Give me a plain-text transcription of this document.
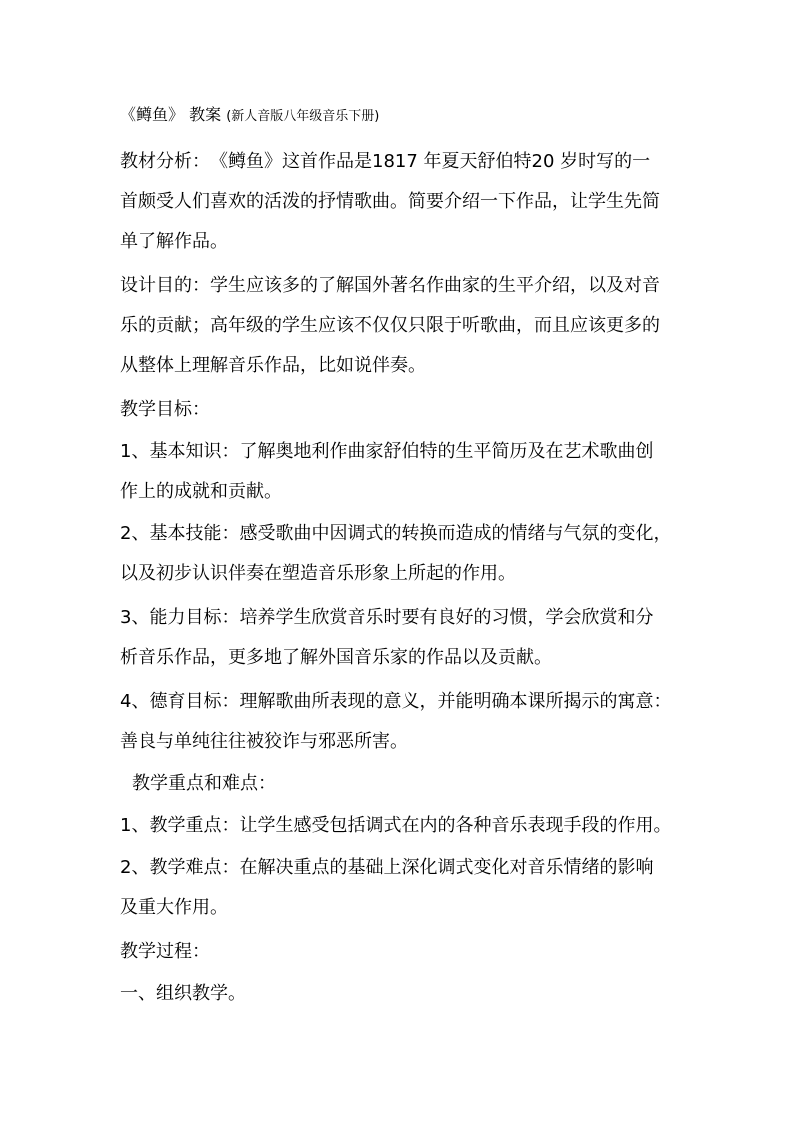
《鳟鱼》 教案 (新人音版八年级音乐下册)
教材分析：　《鳟鱼》这首作品是1817 年夏天舒伯特20 岁时写的一
首颇受人们喜欢的活泼的抒情歌曲。简要介绍一下作品，让学生先简
单了解作品。
设计目的：学生应该多的了解国外著名作曲家的生平介绍，以及对音
乐的贡献；高年级的学生应该不仅仅只限于听歌曲，而且应该更多的
从整体上理解音乐作品，比如说伴奏。
教学目标：
1、基本知识：了解奥地利作曲家舒伯特的生平简历及在艺术歌曲创
作上的成就和贡献。
2、基本技能：感受歌曲中因调式的转换而造成的情绪与气氛的变化，
以及初步认识伴奏在塑造音乐形象上所起的作用。
3、能力目标：培养学生欣赏音乐时要有良好的习惯，学会欣赏和分
析音乐作品，更多地了解外国音乐家的作品以及贡献。
4、德育目标：理解歌曲所表现的意义，并能明确本课所揭示的寓意：
善良与单纯往往被狡诈与邪恶所害。
教学重点和难点：
1、教学重点：让学生感受包括调式在内的各种音乐表现手段的作用。
2、教学难点：在解决重点的基础上深化调式变化对音乐情绪的影响
及重大作用。
教学过程：
一、组织教学。
